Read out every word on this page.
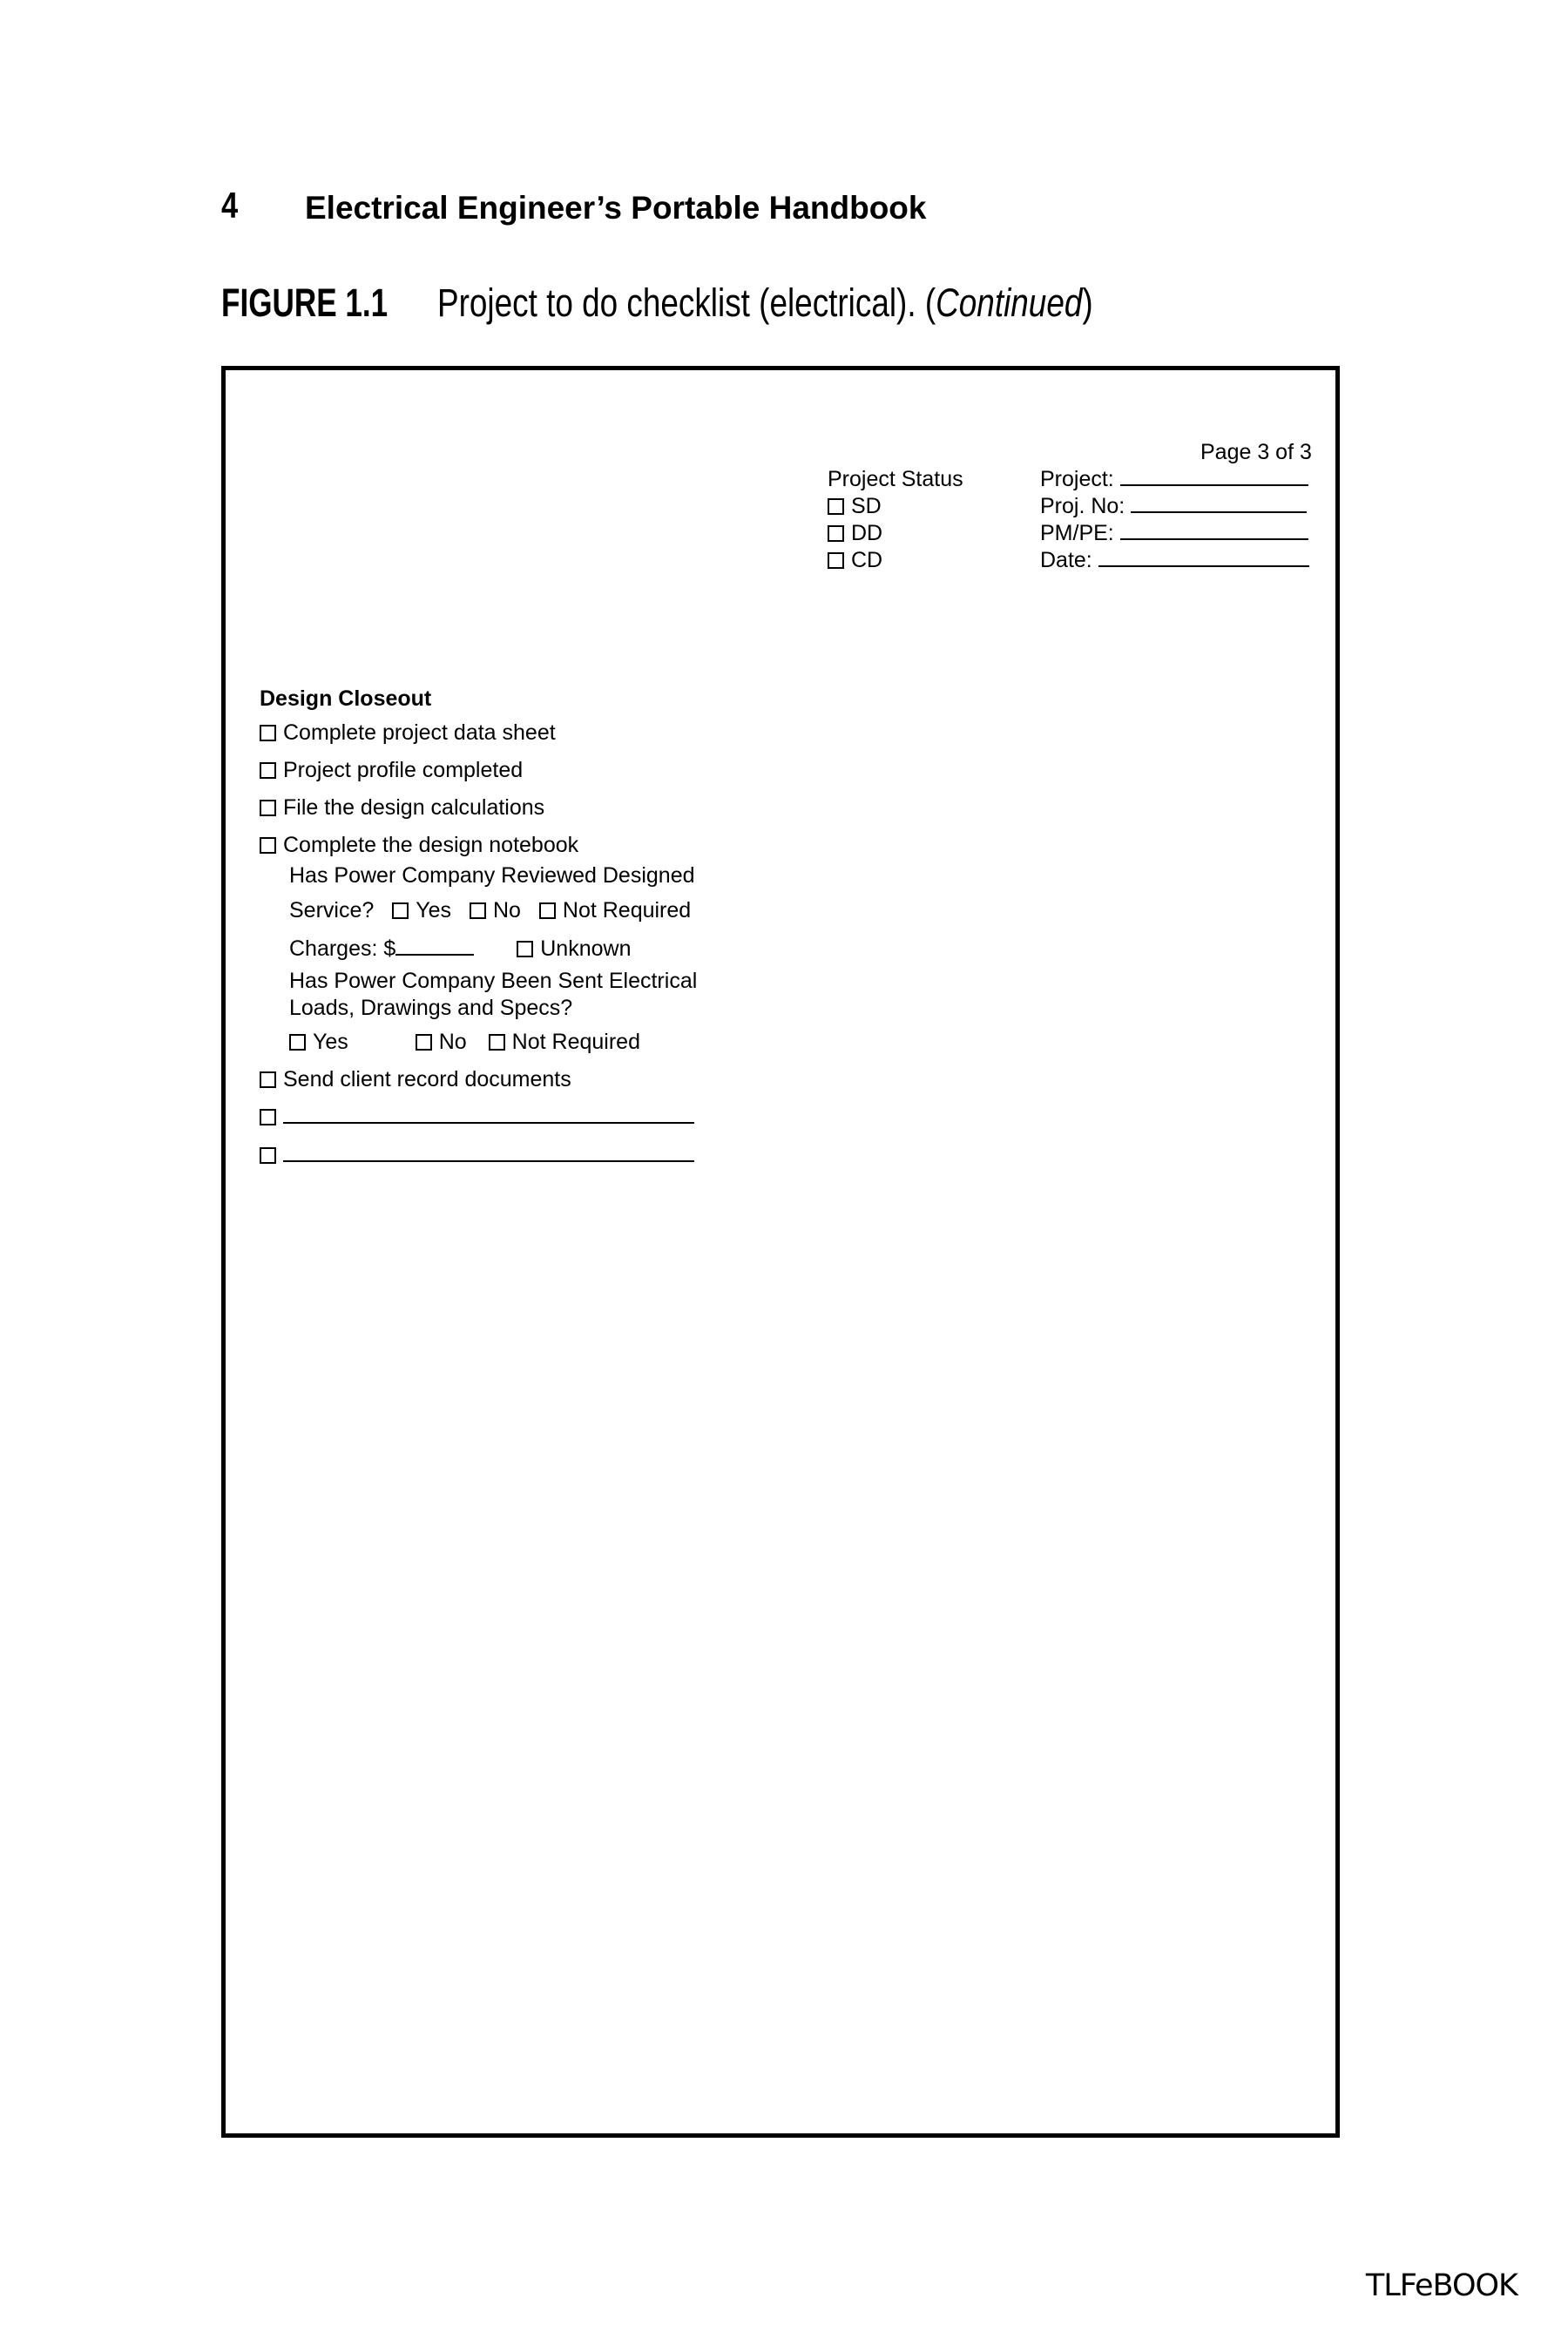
4 Electrical Engineer’s Portable Handbook
FIGURE 1.1 Project to do checklist (electrical). (Continued)
Page 3 of 3
Project Status
SD
DD
CD
Project:
Proj. No:
PM/PE:
Date:
Design Closeout
Complete project data sheet
Project profile completed
File the design calculations
Complete the design notebook
Has Power Company Reviewed Designed
Service? Yes No Not Required
Charges: $	Unknown
Has Power Company Been Sent Electrical
Loads, Drawings and Specs?
Yes	No Not Required
Send client record documents
TLFeBOOK
